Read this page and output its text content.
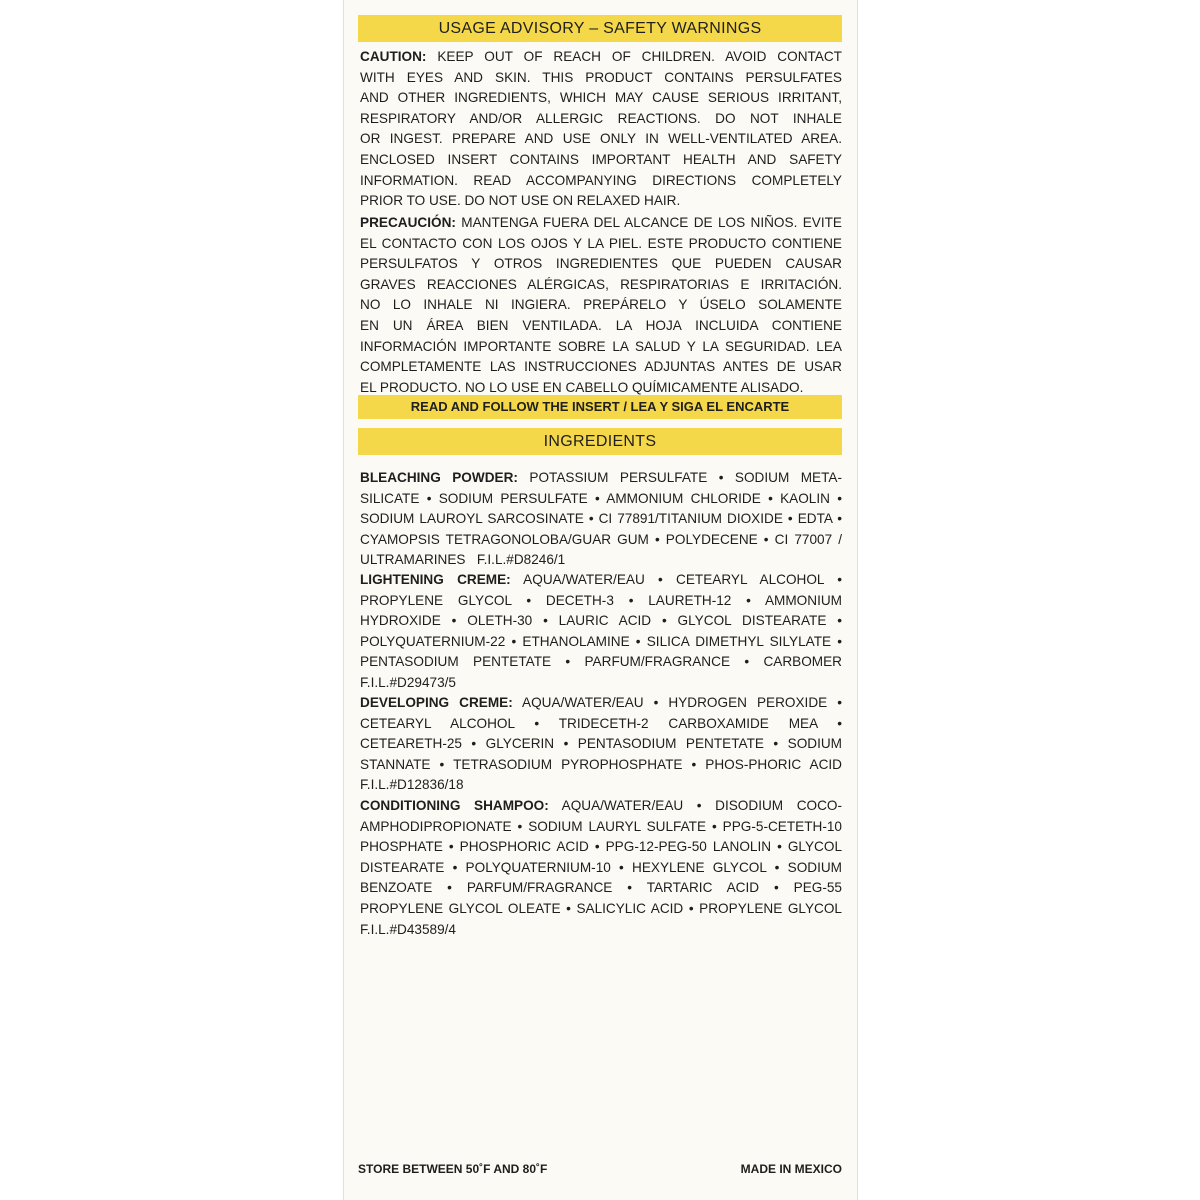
USAGE ADVISORY – SAFETY WARNINGS
CAUTION: KEEP OUT OF REACH OF CHILDREN. AVOID CONTACT
WITH EYES AND SKIN. THIS PRODUCT CONTAINS PERSULFATES
AND OTHER INGREDIENTS, WHICH MAY CAUSE SERIOUS IRRITANT,
RESPIRATORY AND/OR ALLERGIC REACTIONS. DO NOT INHALE
OR INGEST. PREPARE AND USE ONLY IN WELL-VENTILATED AREA.
ENCLOSED INSERT CONTAINS IMPORTANT HEALTH AND SAFETY
INFORMATION. READ ACCOMPANYING DIRECTIONS COMPLETELY
PRIOR TO USE. DO NOT USE ON RELAXED HAIR.
PRECAUCIÓN: MANTENGA FUERA DEL ALCANCE DE LOS NIÑOS. EVITE
EL CONTACTO CON LOS OJOS Y LA PIEL. ESTE PRODUCTO CONTIENE
PERSULFATOS Y OTROS INGREDIENTES QUE PUEDEN CAUSAR
GRAVES REACCIONES ALÉRGICAS, RESPIRATORIAS E IRRITACIÓN.
NO LO INHALE NI INGIERA. PREPÁRELO Y ÚSELO SOLAMENTE
EN UN ÁREA BIEN VENTILADA. LA HOJA INCLUIDA CONTIENE
INFORMACIÓN IMPORTANTE SOBRE LA SALUD Y LA SEGURIDAD. LEA
COMPLETAMENTE LAS INSTRUCCIONES ADJUNTAS ANTES DE USAR
EL PRODUCTO. NO LO USE EN CABELLO QUÍMICAMENTE ALISADO.
READ AND FOLLOW THE INSERT / LEA Y SIGA EL ENCARTE
INGREDIENTS
BLEACHING POWDER: POTASSIUM PERSULFATE • SODIUM META-
SILICATE • SODIUM PERSULFATE • AMMONIUM CHLORIDE • KAOLIN •
SODIUM LAUROYL SARCOSINATE • CI 77891/TITANIUM DIOXIDE • EDTA •
CYAMOPSIS TETRAGONOLOBA/GUAR GUM • POLYDECENE • CI 77007 /
ULTRAMARINES   F.I.L.#D8246/1
LIGHTENING CREME: AQUA/WATER/EAU • CETEARYL ALCOHOL •
PROPYLENE GLYCOL • DECETH-3 • LAURETH-12 • AMMONIUM
HYDROXIDE • OLETH-30 • LAURIC ACID • GLYCOL DISTEARATE •
POLYQUATERNIUM-22 • ETHANOLAMINE • SILICA DIMETHYL SILYLATE •
PENTASODIUM PENTETATE • PARFUM/FRAGRANCE • CARBOMER
F.I.L.#D29473/5
DEVELOPING CREME: AQUA/WATER/EAU • HYDROGEN PEROXIDE •
CETEARYL ALCOHOL • TRIDECETH-2 CARBOXAMIDE MEA •
CETEARETH-25 • GLYCERIN • PENTASODIUM PENTETATE • SODIUM
STANNATE • TETRASODIUM PYROPHOSPHATE • PHOS-PHORIC ACID
F.I.L.#D12836/18
CONDITIONING SHAMPOO: AQUA/WATER/EAU • DISODIUM COCO-
AMPHODIPROPIONATE • SODIUM LAURYL SULFATE • PPG-5-CETETH-10
PHOSPHATE • PHOSPHORIC ACID • PPG-12-PEG-50 LANOLIN • GLYCOL
DISTEARATE • POLYQUATERNIUM-10 • HEXYLENE GLYCOL • SODIUM
BENZOATE • PARFUM/FRAGRANCE • TARTARIC ACID • PEG-55
PROPYLENE GLYCOL OLEATE • SALICYLIC ACID • PROPYLENE GLYCOL
F.I.L.#D43589/4
STORE BETWEEN 50˚F AND 80˚F	MADE IN MEXICO
